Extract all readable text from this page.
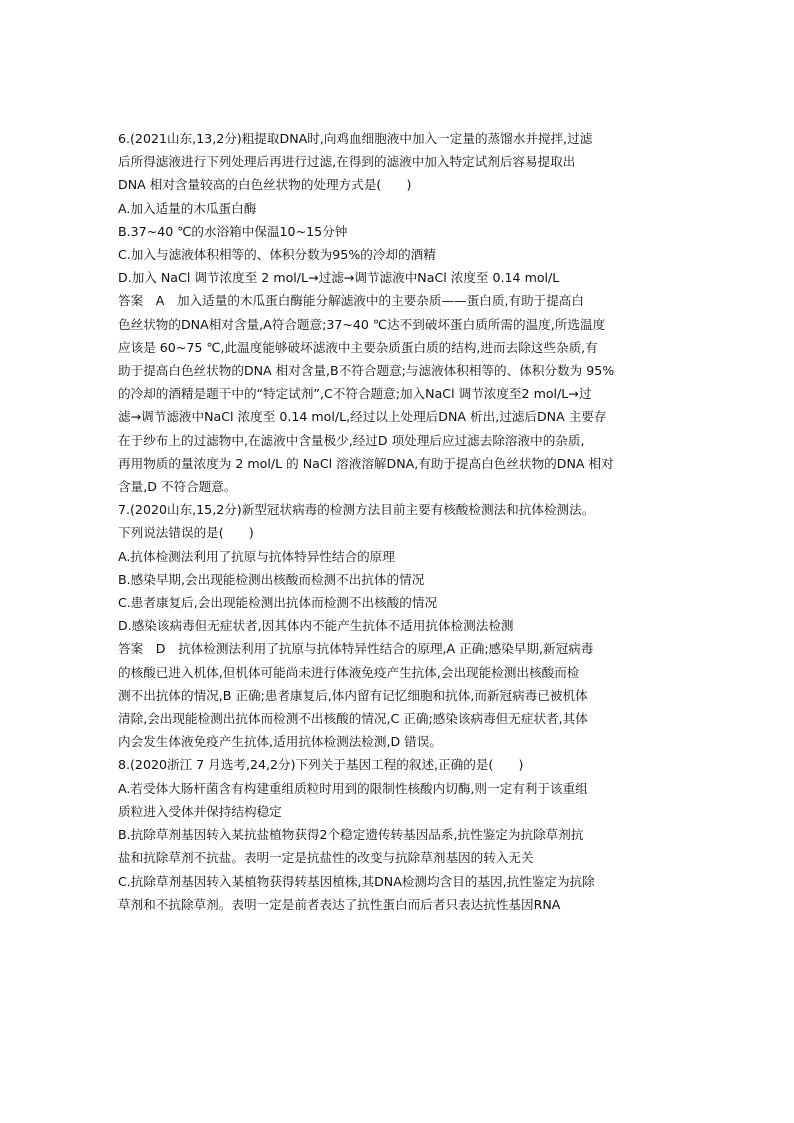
6.(2021山东,13,2分)粗提取DNA时,向鸡血细胞液中加入一定量的蒸馏水并搅拌,过滤
后所得滤液进行下列处理后再进行过滤,在得到的滤液中加入特定试剂后容易提取出
DNA 相对含量较高的白色丝状物的处理方式是(　　)
A.加入适量的木瓜蛋白酶
B.37~40 ℃的水浴箱中保温10~15分钟
C.加入与滤液体积相等的、体积分数为95%的冷却的酒精
D.加入 NaCl 调节浓度至 2 mol/L→过滤→调节滤液中NaCl 浓度至 0.14 mol/L
答案　A　加入适量的木瓜蛋白酶能分解滤液中的主要杂质——蛋白质,有助于提高白
色丝状物的DNA相对含量,A符合题意;37~40 ℃达不到破坏蛋白质所需的温度,所选温度
应该是 60~75 ℃,此温度能够破坏滤液中主要杂质蛋白质的结构,进而去除这些杂质,有
助于提高白色丝状物的DNA 相对含量,B不符合题意;与滤液体积相等的、体积分数为 95%
的冷却的酒精是题干中的“特定试剂”,C不符合题意;加入NaCl 调节浓度至2 mol/L→过
滤→调节滤液中NaCl 浓度至 0.14 mol/L,经过以上处理后DNA 析出,过滤后DNA 主要存
在于纱布上的过滤物中,在滤液中含量极少,经过D 项处理后应过滤去除溶液中的杂质,
再用物质的量浓度为 2 mol/L 的 NaCl 溶液溶解DNA,有助于提高白色丝状物的DNA 相对
含量,D 不符合题意。
7.(2020山东,15,2分)新型冠状病毒的检测方法目前主要有核酸检测法和抗体检测法。
下列说法错误的是(　　)
A.抗体检测法利用了抗原与抗体特异性结合的原理
B.感染早期,会出现能检测出核酸而检测不出抗体的情况
C.患者康复后,会出现能检测出抗体而检测不出核酸的情况
D.感染该病毒但无症状者,因其体内不能产生抗体不适用抗体检测法检测
答案　D　抗体检测法利用了抗原与抗体特异性结合的原理,A 正确;感染早期,新冠病毒
的核酸已进入机体,但机体可能尚未进行体液免疫产生抗体,会出现能检测出核酸而检
测不出抗体的情况,B 正确;患者康复后,体内留有记忆细胞和抗体,而新冠病毒已被机体
清除,会出现能检测出抗体而检测不出核酸的情况,C 正确;感染该病毒但无症状者,其体
内会发生体液免疫产生抗体,适用抗体检测法检测,D 错误。
8.(2020浙江 7 月选考,24,2分)下列关于基因工程的叙述,正确的是(　　)
A.若受体大肠杆菌含有构建重组质粒时用到的限制性核酸内切酶,则一定有利于该重组
质粒进入受体并保持结构稳定
B.抗除草剂基因转入某抗盐植物获得2个稳定遗传转基因品系,抗性鉴定为抗除草剂抗
盐和抗除草剂不抗盐。表明一定是抗盐性的改变与抗除草剂基因的转入无关
C.抗除草剂基因转入某植物获得转基因植株,其DNA检测均含目的基因,抗性鉴定为抗除
草剂和不抗除草剂。表明一定是前者表达了抗性蛋白而后者只表达抗性基因RNA
